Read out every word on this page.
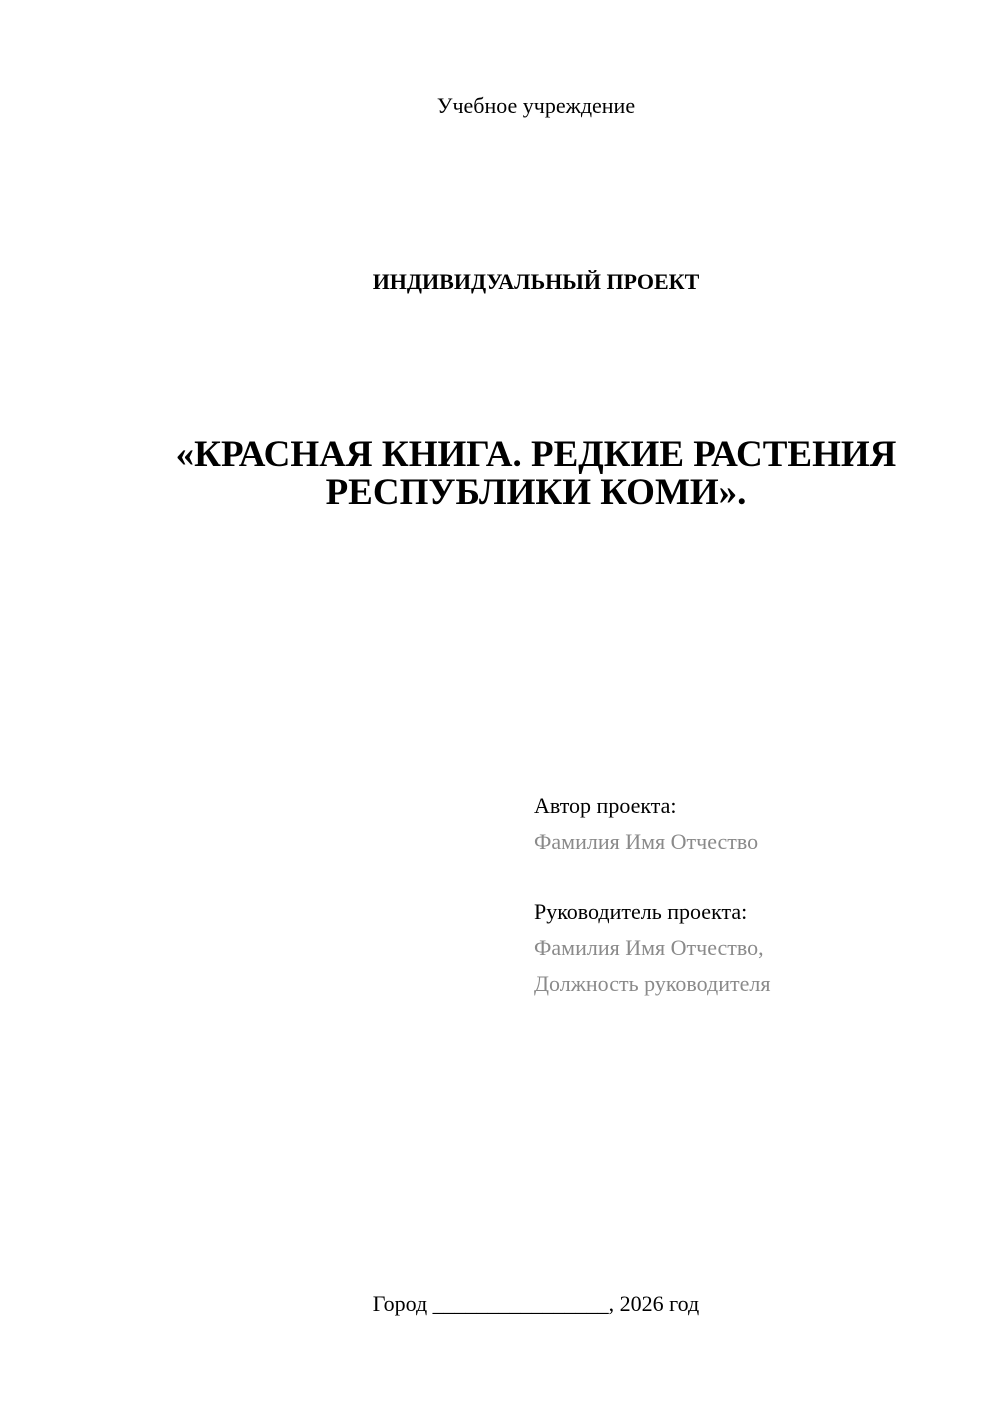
Учебное учреждение
ИНДИВИДУАЛЬНЫЙ ПРОЕКТ
«КРАСНАЯ КНИГА. РЕДКИЕ РАСТЕНИЯ
РЕСПУБЛИКИ КОМИ».
Автор проекта:
Фамилия Имя Отчество
Руководитель проекта:
Фамилия Имя Отчество,
Должность руководителя
Город ________________, 2026 год
